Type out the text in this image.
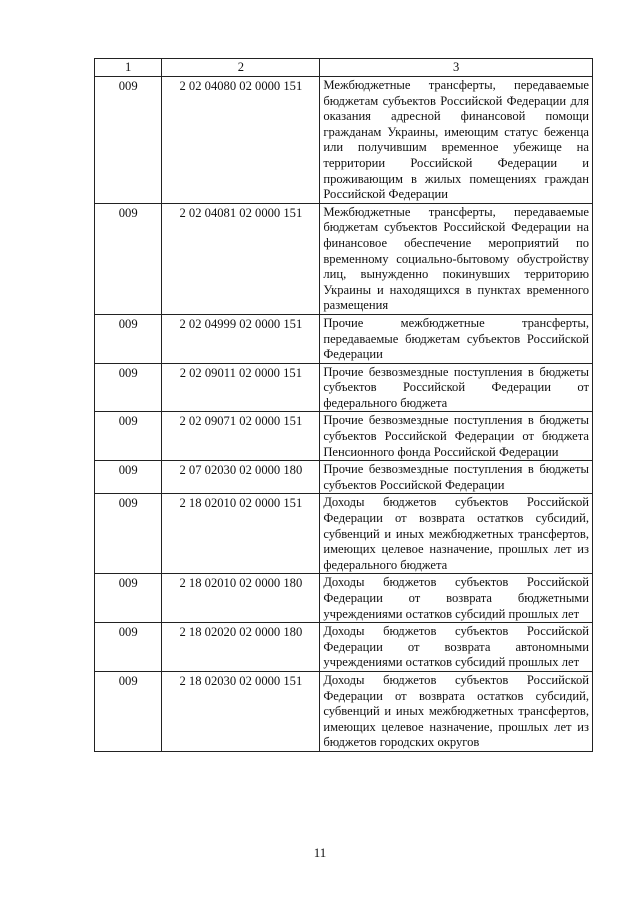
1	2	3
009	2 02 04080 02 0000 151	Межбюджетные трансферты, передаваемые бюджетам субъектов Российской Федерации для оказания адресной финансовой помощи гражданам Украины, имеющим статус беженца или получившим временное убежище на территории Российской Федерации и проживающим в жилых помещениях граждан Российской Федерации
009	2 02 04081 02 0000 151	Межбюджетные трансферты, передаваемые бюджетам субъектов Российской Федерации на финансовое обеспечение мероприятий по временному социально-бытовому обустройству лиц, вынужденно покинувших территорию Украины и находящихся в пунктах временного размещения
009	2 02 04999 02 0000 151	Прочие межбюджетные трансферты, передаваемые бюджетам субъектов Российской Федерации
009	2 02 09011 02 0000 151	Прочие безвозмездные поступления в бюджеты субъектов Российской Федерации от федерального бюджета
009	2 02 09071 02 0000 151	Прочие безвозмездные поступления в бюджеты субъектов Российской Федерации от бюджета Пенсионного фонда Российской Федерации
009	2 07 02030 02 0000 180	Прочие безвозмездные поступления в бюджеты субъектов Российской Федерации
009	2 18 02010 02 0000 151	Доходы бюджетов субъектов Российской Федерации от возврата остатков субсидий, субвенций и иных межбюджетных трансфертов, имеющих целевое назначение, прошлых лет из федерального бюджета
009	2 18 02010 02 0000 180	Доходы бюджетов субъектов Российской Федерации от возврата бюджетными учреждениями остатков субсидий прошлых лет
009	2 18 02020 02 0000 180	Доходы бюджетов субъектов Российской Федерации от возврата автономными учреждениями остатков субсидий прошлых лет
009	2 18 02030 02 0000 151	Доходы бюджетов субъектов Российской Федерации от возврата остатков субсидий, субвенций и иных межбюджетных трансфертов, имеющих целевое назначение, прошлых лет из бюджетов городских округов
11
